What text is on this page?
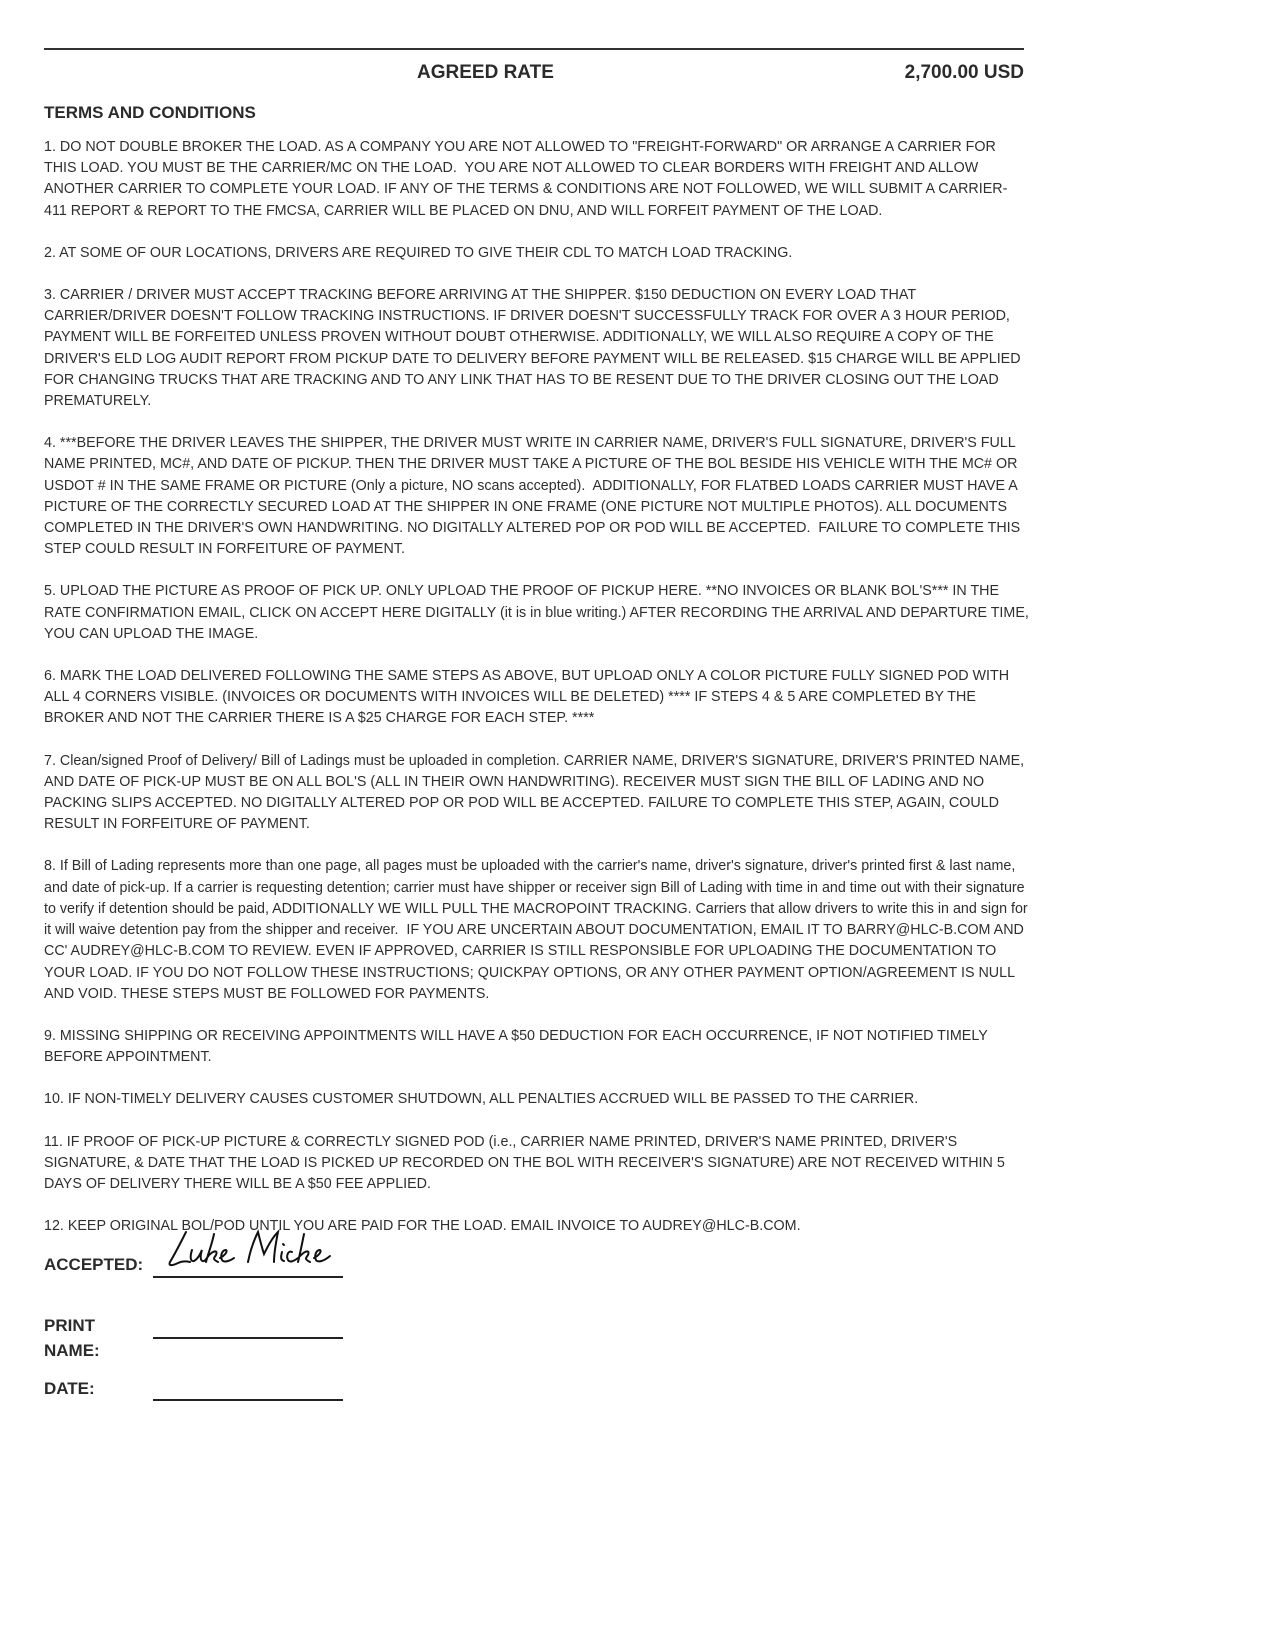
AGREED RATE	2,700.00 USD
TERMS AND CONDITIONS

1. DO NOT DOUBLE BROKER THE LOAD. AS A COMPANY YOU ARE NOT ALLOWED TO "FREIGHT-FORWARD" OR ARRANGE A CARRIER FOR THIS LOAD. YOU MUST BE THE CARRIER/MC ON THE LOAD.  YOU ARE NOT ALLOWED TO CLEAR BORDERS WITH FREIGHT AND ALLOW ANOTHER CARRIER TO COMPLETE YOUR LOAD. IF ANY OF THE TERMS & CONDITIONS ARE NOT FOLLOWED, WE WILL SUBMIT A CARRIER-411 REPORT & REPORT TO THE FMCSA, CARRIER WILL BE PLACED ON DNU, AND WILL FORFEIT PAYMENT OF THE LOAD.

2. AT SOME OF OUR LOCATIONS, DRIVERS ARE REQUIRED TO GIVE THEIR CDL TO MATCH LOAD TRACKING.

3. CARRIER / DRIVER MUST ACCEPT TRACKING BEFORE ARRIVING AT THE SHIPPER. $150 DEDUCTION ON EVERY LOAD THAT CARRIER/DRIVER DOESN'T FOLLOW TRACKING INSTRUCTIONS. IF DRIVER DOESN'T SUCCESSFULLY TRACK FOR OVER A 3 HOUR PERIOD, PAYMENT WILL BE FORFEITED UNLESS PROVEN WITHOUT DOUBT OTHERWISE. ADDITIONALLY, WE WILL ALSO REQUIRE A COPY OF THE DRIVER'S ELD LOG AUDIT REPORT FROM PICKUP DATE TO DELIVERY BEFORE PAYMENT WILL BE RELEASED. $15 CHARGE WILL BE APPLIED FOR CHANGING TRUCKS THAT ARE TRACKING AND TO ANY LINK THAT HAS TO BE RESENT DUE TO THE DRIVER CLOSING OUT THE LOAD PREMATURELY.

4. ***BEFORE THE DRIVER LEAVES THE SHIPPER, THE DRIVER MUST WRITE IN CARRIER NAME, DRIVER'S FULL SIGNATURE, DRIVER'S FULL NAME PRINTED, MC#, AND DATE OF PICKUP. THEN THE DRIVER MUST TAKE A PICTURE OF THE BOL BESIDE HIS VEHICLE WITH THE MC# OR USDOT # IN THE SAME FRAME OR PICTURE (Only a picture, NO scans accepted).  ADDITIONALLY, FOR FLATBED LOADS CARRIER MUST HAVE A PICTURE OF THE CORRECTLY SECURED LOAD AT THE SHIPPER IN ONE FRAME (ONE PICTURE NOT MULTIPLE PHOTOS). ALL DOCUMENTS COMPLETED IN THE DRIVER'S OWN HANDWRITING. NO DIGITALLY ALTERED POP OR POD WILL BE ACCEPTED.  FAILURE TO COMPLETE THIS STEP COULD RESULT IN FORFEITURE OF PAYMENT.

5. UPLOAD THE PICTURE AS PROOF OF PICK UP. ONLY UPLOAD THE PROOF OF PICKUP HERE. **NO INVOICES OR BLANK BOL'S*** IN THE RATE CONFIRMATION EMAIL, CLICK ON ACCEPT HERE DIGITALLY (it is in blue writing.) AFTER RECORDING THE ARRIVAL AND DEPARTURE TIME, YOU CAN UPLOAD THE IMAGE.

6. MARK THE LOAD DELIVERED FOLLOWING THE SAME STEPS AS ABOVE, BUT UPLOAD ONLY A COLOR PICTURE FULLY SIGNED POD WITH ALL 4 CORNERS VISIBLE. (INVOICES OR DOCUMENTS WITH INVOICES WILL BE DELETED) **** IF STEPS 4 & 5 ARE COMPLETED BY THE BROKER AND NOT THE CARRIER THERE IS A $25 CHARGE FOR EACH STEP. ****

7. Clean/signed Proof of Delivery/ Bill of Ladings must be uploaded in completion. CARRIER NAME, DRIVER'S SIGNATURE, DRIVER'S PRINTED NAME, AND DATE OF PICK-UP MUST BE ON ALL BOL'S (ALL IN THEIR OWN HANDWRITING). RECEIVER MUST SIGN THE BILL OF LADING AND NO PACKING SLIPS ACCEPTED. NO DIGITALLY ALTERED POP OR POD WILL BE ACCEPTED. FAILURE TO COMPLETE THIS STEP, AGAIN, COULD RESULT IN FORFEITURE OF PAYMENT.

8. If Bill of Lading represents more than one page, all pages must be uploaded with the carrier's name, driver's signature, driver's printed first & last name, and date of pick-up. If a carrier is requesting detention; carrier must have shipper or receiver sign Bill of Lading with time in and time out with their signature to verify if detention should be paid, ADDITIONALLY WE WILL PULL THE MACROPOINT TRACKING. Carriers that allow drivers to write this in and sign for it will waive detention pay from the shipper and receiver.  IF YOU ARE UNCERTAIN ABOUT DOCUMENTATION, EMAIL IT TO BARRY@HLC-B.COM AND CC' AUDREY@HLC-B.COM TO REVIEW. EVEN IF APPROVED, CARRIER IS STILL RESPONSIBLE FOR UPLOADING THE DOCUMENTATION TO YOUR LOAD. IF YOU DO NOT FOLLOW THESE INSTRUCTIONS; QUICKPAY OPTIONS, OR ANY OTHER PAYMENT OPTION/AGREEMENT IS NULL AND VOID. THESE STEPS MUST BE FOLLOWED FOR PAYMENTS.

9. MISSING SHIPPING OR RECEIVING APPOINTMENTS WILL HAVE A $50 DEDUCTION FOR EACH OCCURRENCE, IF NOT NOTIFIED TIMELY BEFORE APPOINTMENT.

10. IF NON-TIMELY DELIVERY CAUSES CUSTOMER SHUTDOWN, ALL PENALTIES ACCRUED WILL BE PASSED TO THE CARRIER.

11. IF PROOF OF PICK-UP PICTURE & CORRECTLY SIGNED POD (i.e., CARRIER NAME PRINTED, DRIVER'S NAME PRINTED, DRIVER'S SIGNATURE, & DATE THAT THE LOAD IS PICKED UP RECORDED ON THE BOL WITH RECEIVER'S SIGNATURE) ARE NOT RECEIVED WITHIN 5 DAYS OF DELIVERY THERE WILL BE A $50 FEE APPLIED.

12. KEEP ORIGINAL BOL/POD UNTIL YOU ARE PAID FOR THE LOAD. EMAIL INVOICE TO AUDREY@HLC-B.COM.

ACCEPTED:
PRINT
NAME:
DATE:
